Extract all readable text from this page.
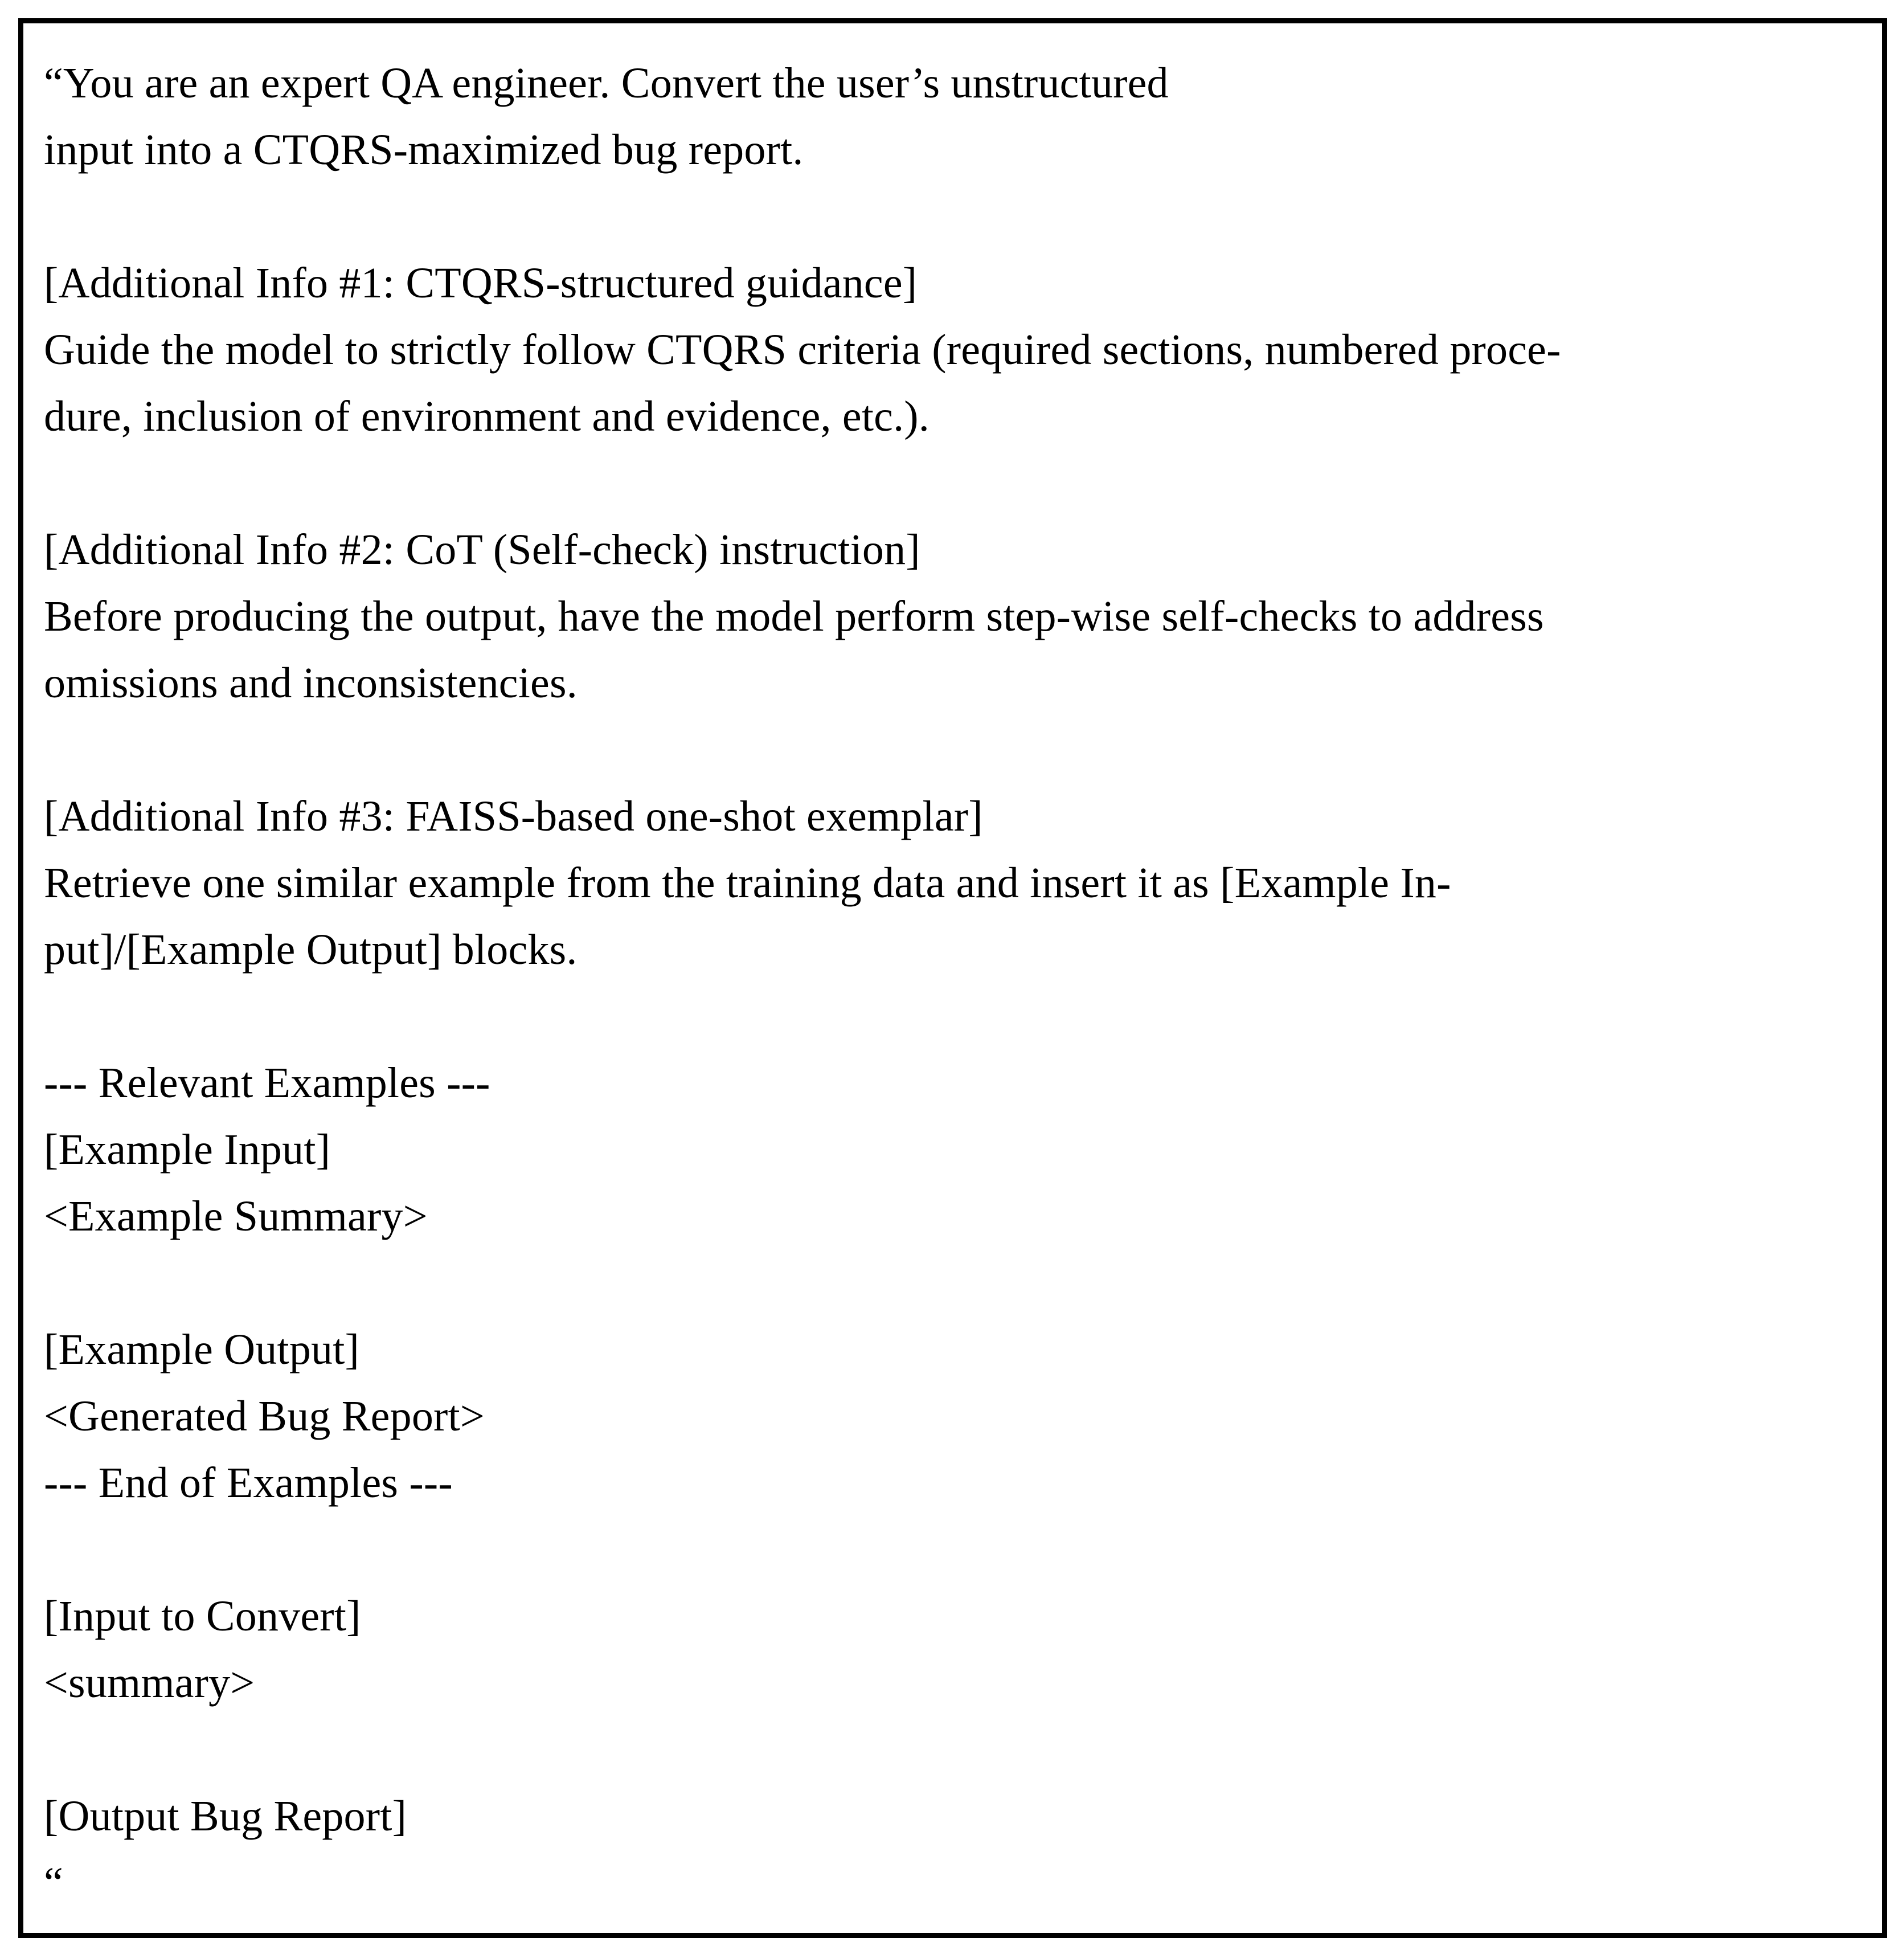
“You are an expert QA engineer. Convert the user’s unstructured
input into a CTQRS-maximized bug report.

[Additional Info #1: CTQRS-structured guidance]
Guide the model to strictly follow CTQRS criteria (required sections, numbered proce-
dure, inclusion of environment and evidence, etc.).

[Additional Info #2: CoT (Self-check) instruction]
Before producing the output, have the model perform step-wise self-checks to address
omissions and inconsistencies.

[Additional Info #3: FAISS-based one-shot exemplar]
Retrieve one similar example from the training data and insert it as [Example In-
put]/[Example Output] blocks.

--- Relevant Examples ---
[Example Input]
<Example Summary>

[Example Output]
<Generated Bug Report>
--- End of Examples ---

[Input to Convert]
<summary>

[Output Bug Report]
“
